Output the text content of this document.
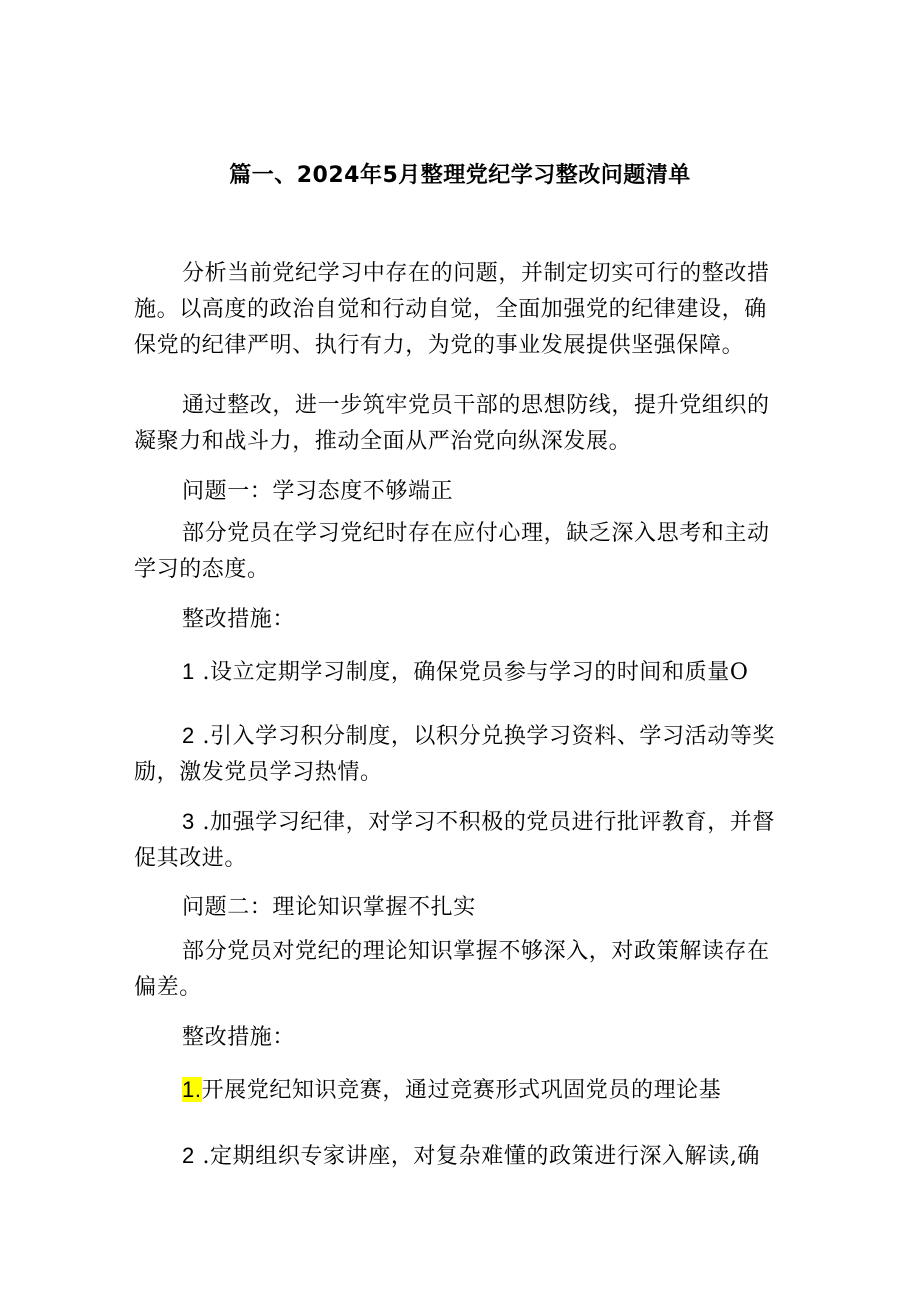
篇一、2024年5月整理党纪学习整改问题清单
分析当前党纪学习中存在的问题，并制定切实可行的整改措
施。以高度的政治自觉和行动自觉，全面加强党的纪律建设，确
保党的纪律严明、执行有力，为党的事业发展提供坚强保障。
通过整改，进一步筑牢党员干部的思想防线，提升党组织的
凝聚力和战斗力，推动全面从严治党向纵深发展。
问题一：学习态度不够端正
部分党员在学习党纪时存在应付心理，缺乏深入思考和主动
学习的态度。
整改措施：
1 .设立定期学习制度，确保党员参与学习的时间和质量O
2 .引入学习积分制度，以积分兑换学习资料、学习活动等奖
励，激发党员学习热情。
3 .加强学习纪律，对学习不积极的党员进行批评教育，并督
促其改进。
问题二：理论知识掌握不扎实
部分党员对党纪的理论知识掌握不够深入，对政策解读存在
偏差。
整改措施：
1.开展党纪知识竞赛，通过竞赛形式巩固党员的理论基
2 .定期组织专家讲座，对复杂难懂的政策进行深入解读,确
